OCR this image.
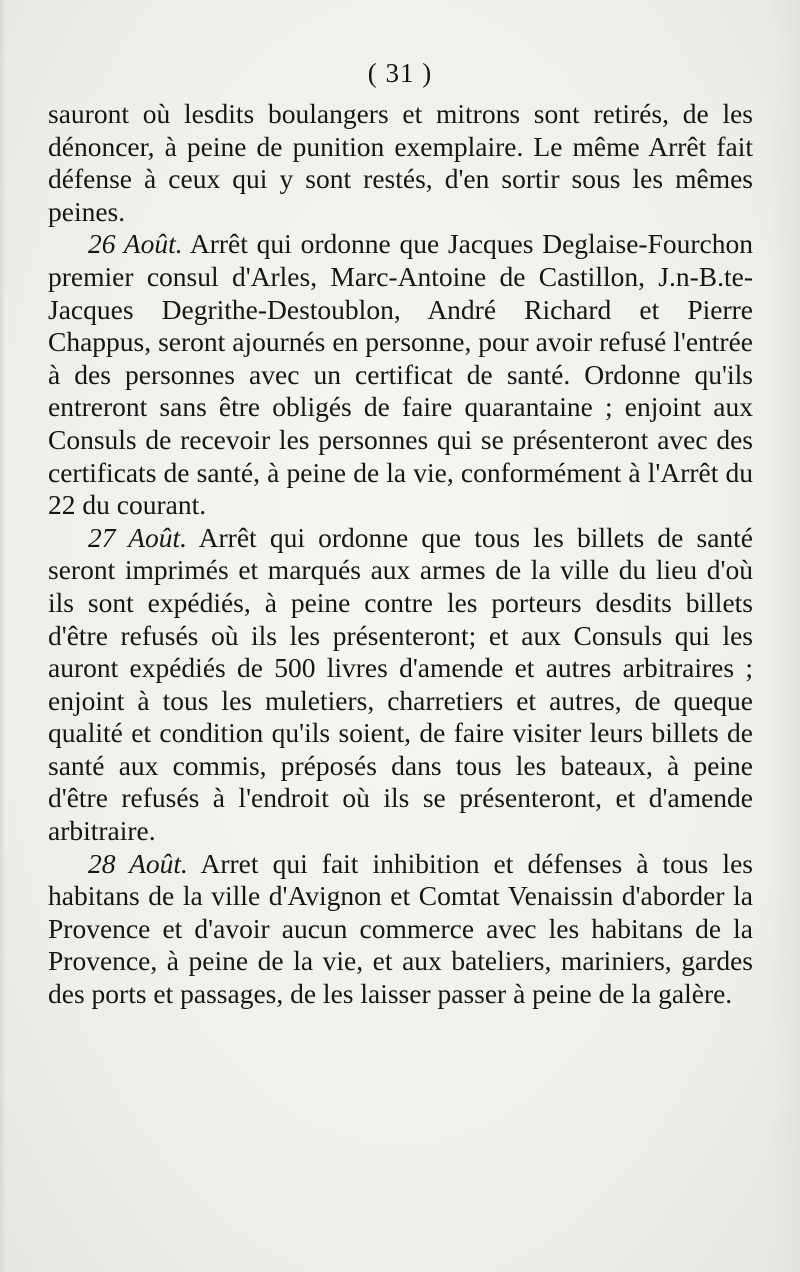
( 31 )

sauront où lesdits boulangers et mitrons sont retirés, de les dénoncer, à peine de punition exemplaire. Le même Arrêt fait défense à ceux qui y sont restés, d'en sortir sous les mêmes peines.

26 Août. Arrêt qui ordonne que Jacques Deglaise-Fourchon premier consul d'Arles, Marc-Antoine de Castillon, J.n-B.te-Jacques Degrithe-Destoublon, André Richard et Pierre Chappus, seront ajournés en personne, pour avoir refusé l'entrée à des personnes avec un certificat de santé. Ordonne qu'ils entreront sans être obligés de faire quarantaine ; enjoint aux Consuls de recevoir les personnes qui se présenteront avec des certificats de santé, à peine de la vie, conformément à l'Arrêt du 22 du courant.

27 Août. Arrêt qui ordonne que tous les billets de santé seront imprimés et marqués aux armes de la ville du lieu d'où ils sont expédiés, à peine contre les porteurs desdits billets d'être refusés où ils les présenteront; et aux Consuls qui les auront expédiés de 500 livres d'amende et autres arbitraires ; enjoint à tous les muletiers, charretiers et autres, de queque qualité et condition qu'ils soient, de faire visiter leurs billets de santé aux commis, préposés dans tous les bateaux, à peine d'être refusés à l'endroit où ils se présenteront, et d'amende arbitraire.

28 Août. Arret qui fait inhibition et défenses à tous les habitans de la ville d'Avignon et Comtat Venaissin d'aborder la Provence et d'avoir aucun commerce avec les habitans de la Provence, à peine de la vie, et aux bateliers, mariniers, gardes des ports et passages, de les laisser passer à peine de la galère.
